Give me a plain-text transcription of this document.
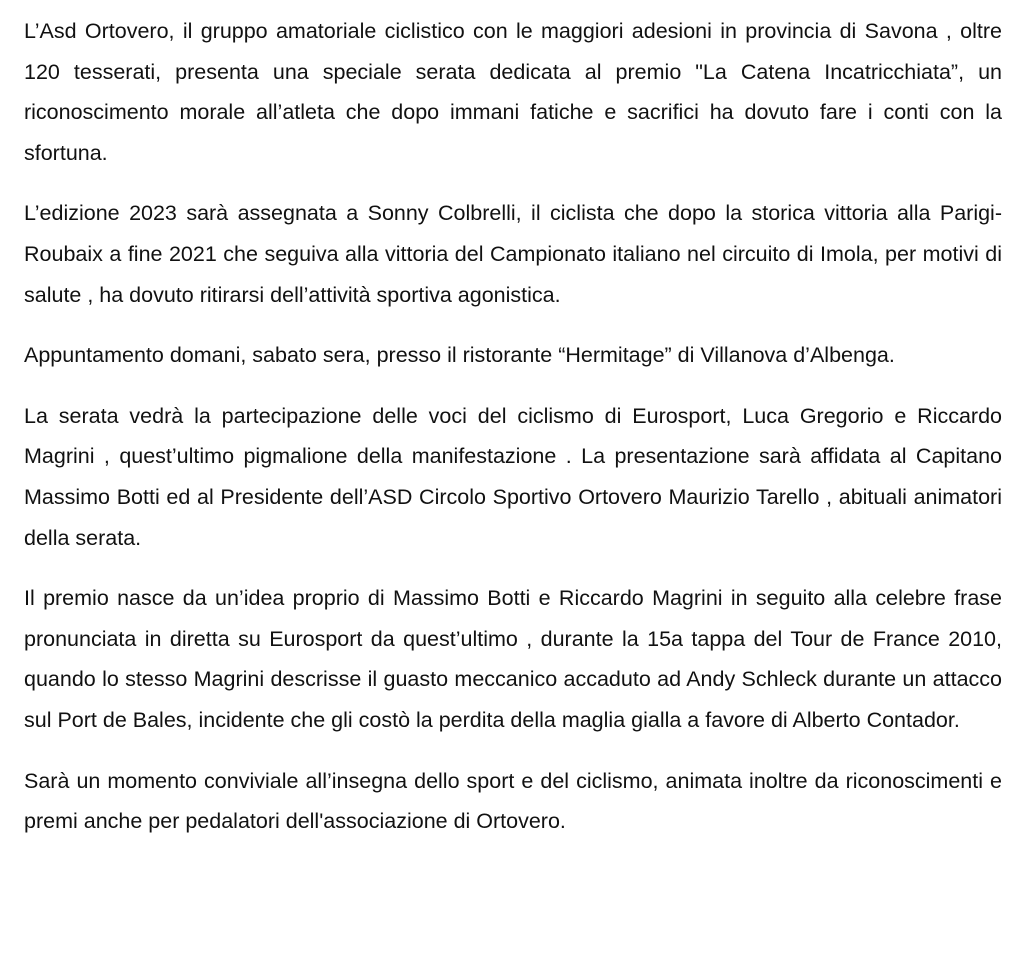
L’Asd Ortovero, il gruppo amatoriale ciclistico con le maggiori adesioni in provincia di Savona , oltre 120 tesserati, presenta una speciale serata dedicata al premio "La Catena Incatricchiata”, un riconoscimento morale all’atleta che dopo immani fatiche e sacrifici ha dovuto fare i conti con la sfortuna.

L’edizione 2023 sarà assegnata a Sonny Colbrelli, il ciclista che dopo la storica vittoria alla Parigi-Roubaix a fine 2021 che seguiva alla vittoria del Campionato italiano nel circuito di Imola, per motivi di salute , ha dovuto ritirarsi dell’attività sportiva agonistica.

Appuntamento domani, sabato sera, presso il ristorante “Hermitage” di Villanova d’Albenga.

La serata vedrà la partecipazione delle voci del ciclismo di Eurosport, Luca Gregorio e Riccardo Magrini , quest’ultimo pigmalione della manifestazione . La presentazione sarà affidata al Capitano Massimo Botti ed al Presidente dell’ASD Circolo Sportivo Ortovero Maurizio Tarello , abituali animatori della serata.

Il premio nasce da un’idea proprio di Massimo Botti e Riccardo Magrini in seguito alla celebre frase pronunciata in diretta su Eurosport da quest’ultimo , durante la 15a tappa del Tour de France 2010, quando lo stesso Magrini descrisse il guasto meccanico accaduto ad Andy Schleck durante un attacco sul Port de Bales, incidente che gli costò la perdita della maglia gialla a favore di Alberto Contador.

Sarà un momento conviviale all’insegna dello sport e del ciclismo, animata inoltre da riconoscimenti e premi anche per pedalatori dell'associazione di Ortovero.
